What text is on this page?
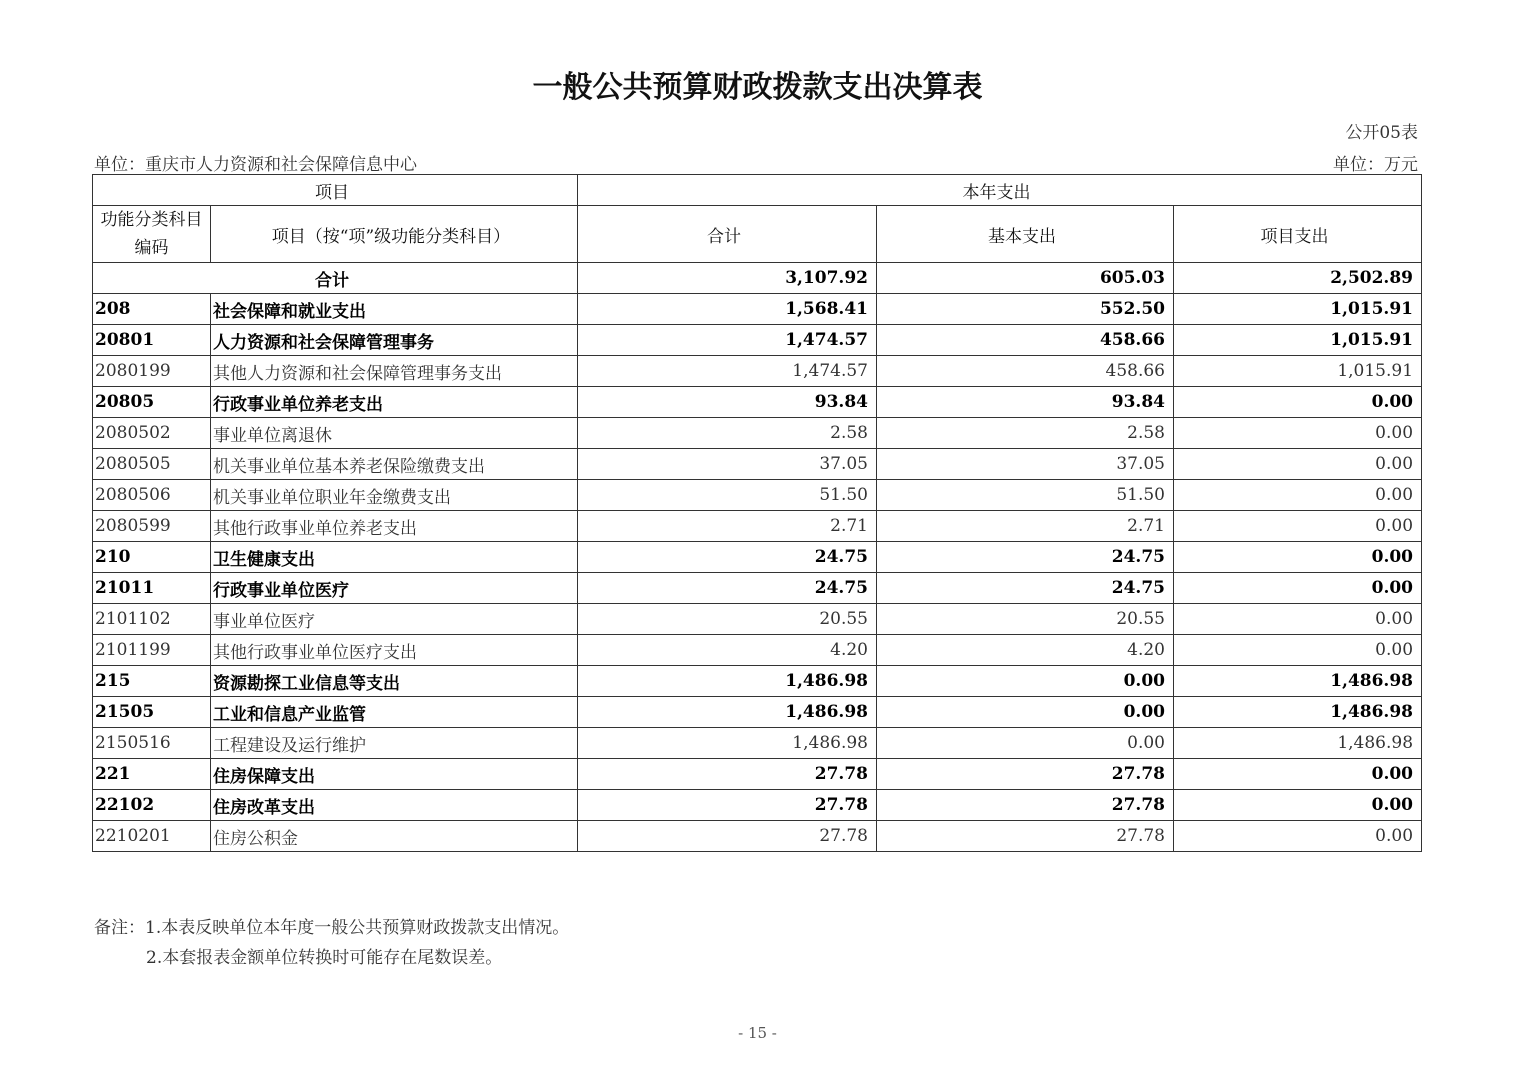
一般公共预算财政拨款支出决算表
公开05表
单位：重庆市人力资源和社会保障信息中心	单位：万元
项目		本年支出		
功能分类科目编码	项目（按“项”级功能分类科目）	合计	基本支出	项目支出
合计		3,107.92	605.03	2,502.89
208	社会保障和就业支出	1,568.41	552.50	1,015.91
20801	人力资源和社会保障管理事务	1,474.57	458.66	1,015.91
2080199	其他人力资源和社会保障管理事务支出	1,474.57	458.66	1,015.91
20805	行政事业单位养老支出	93.84	93.84	0.00
2080502	事业单位离退休	2.58	2.58	0.00
2080505	机关事业单位基本养老保险缴费支出	37.05	37.05	0.00
2080506	机关事业单位职业年金缴费支出	51.50	51.50	0.00
2080599	其他行政事业单位养老支出	2.71	2.71	0.00
210	卫生健康支出	24.75	24.75	0.00
21011	行政事业单位医疗	24.75	24.75	0.00
2101102	事业单位医疗	20.55	20.55	0.00
2101199	其他行政事业单位医疗支出	4.20	4.20	0.00
215	资源勘探工业信息等支出	1,486.98	0.00	1,486.98
21505	工业和信息产业监管	1,486.98	0.00	1,486.98
2150516	工程建设及运行维护	1,486.98	0.00	1,486.98
221	住房保障支出	27.78	27.78	0.00
22102	住房改革支出	27.78	27.78	0.00
2210201	住房公积金	27.78	27.78	0.00
备注：1.本表反映单位本年度一般公共预算财政拨款支出情况。
2.本套报表金额单位转换时可能存在尾数误差。
- 15 -
